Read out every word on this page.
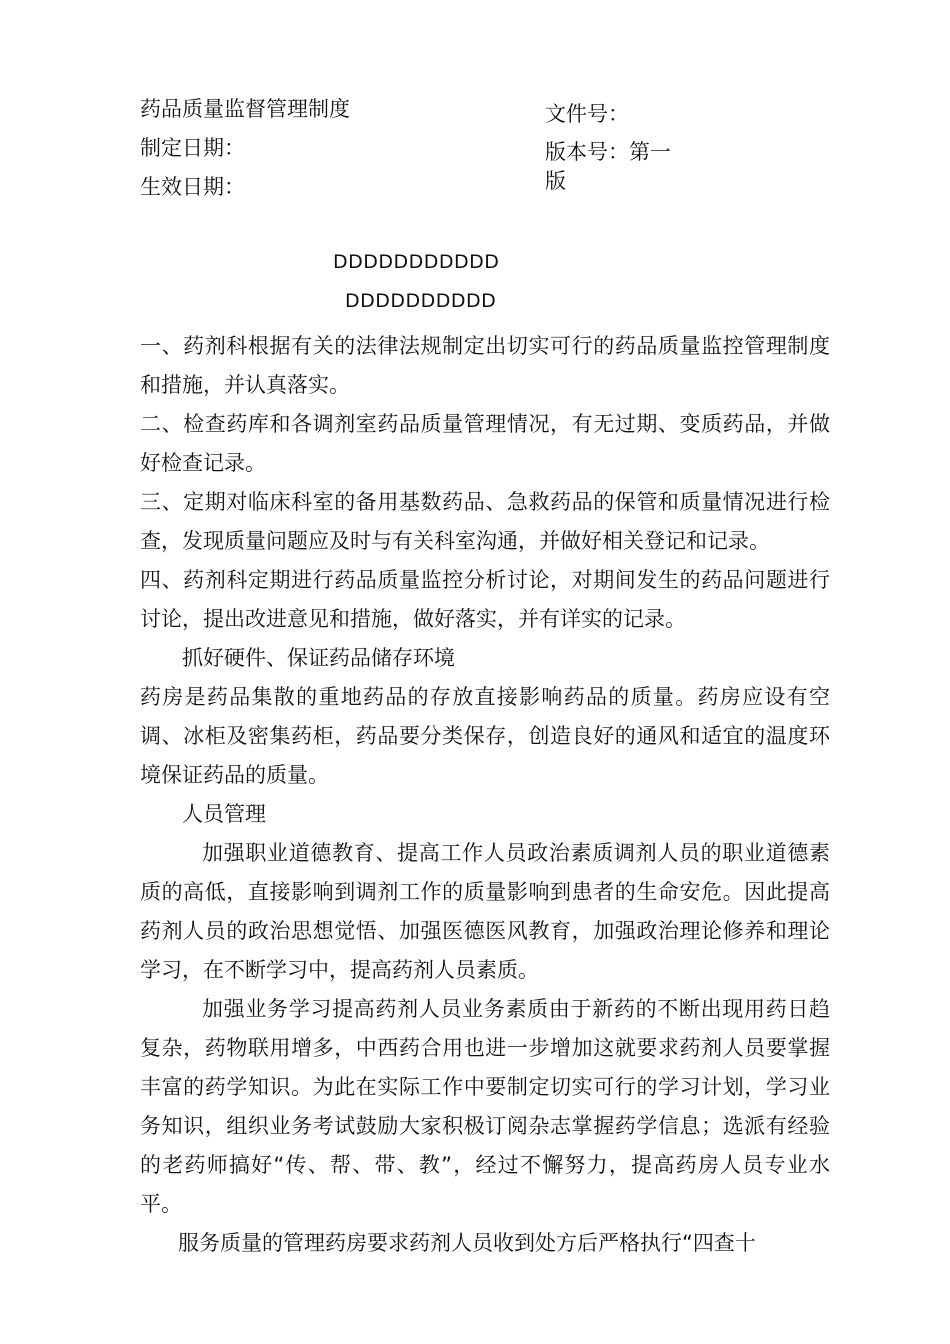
药品质量监督管理制度
制定日期：
生效日期：
文件号：
版本号：第一
版
DDDDDDDDDDD
DDDDDDDDDD

一、药剂科根据有关的法律法规制定出切实可行的药品质量监控管理制度和措施，并认真落实。

二、检查药库和各调剂室药品质量管理情况，有无过期、变质药品，并做好检查记录。

三、定期对临床科室的备用基数药品、急救药品的保管和质量情况进行检查，发现质量问题应及时与有关科室沟通，并做好相关登记和记录。

四、药剂科定期进行药品质量监控分析讨论，对期间发生的药品问题进行讨论，提出改进意见和措施，做好落实，并有详实的记录。

抓好硬件、保证药品储存环境

药房是药品集散的重地药品的存放直接影响药品的质量。药房应设有空调、冰柜及密集药柜，药品要分类保存，创造良好的通风和适宜的温度环境保证药品的质量。

人员管理

加强职业道德教育、提高工作人员政治素质调剂人员的职业道德素质的高低，直接影响到调剂工作的质量影响到患者的生命安危。因此提高药剂人员的政治思想觉悟、加强医德医风教育，加强政治理论修养和理论学习，在不断学习中，提高药剂人员素质。

加强业务学习提高药剂人员业务素质由于新药的不断出现用药日趋复杂，药物联用增多，中西药合用也进一步增加这就要求药剂人员要掌握丰富的药学知识。为此在实际工作中要制定切实可行的学习计划，学习业务知识，组织业务考试鼓励大家积极订阅杂志掌握药学信息；选派有经验的老药师搞好“传、帮、带、教”，经过不懈努力，提高药房人员专业水平。

服务质量的管理药房要求药剂人员收到处方后严格执行“四查十
